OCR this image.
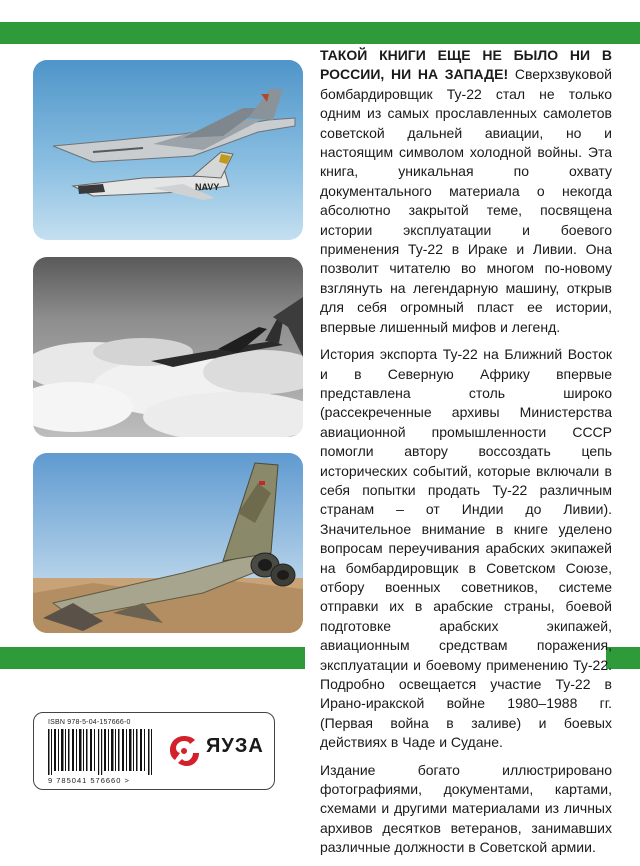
NAVY

ТАКОЙ КНИГИ ЕЩЕ НЕ БЫЛО НИ В РОССИИ, НИ НА ЗАПАДЕ! Сверхзвуковой бомбардировщик Ту-22 стал не только одним из самых прославленных самолетов советской дальней авиации, но и настоящим символом холодной войны. Эта книга, уникальная по охвату документального материала о некогда абсолютно закрытой теме, посвящена истории эксплуатации и боевого применения Ту-22 в Ираке и Ливии. Она позволит читателю во многом по-новому взглянуть на легендарную машину, открыв для себя огромный пласт ее истории, впервые лишенный мифов и легенд.

История экспорта Ту-22 на Ближний Восток и в Северную Африку впервые представлена столь широко (рассекреченные архивы Министерства авиационной промышленности СССР помогли автору воссоздать цепь исторических событий, которые включали в себя попытки продать Ту-22 различным странам – от Индии до Ливии). Значительное внимание в книге уделено вопросам переучивания арабских экипажей на бомбардировщик в Советском Союзе, отбору военных советников, системе отправки их в арабские страны, боевой подготовке арабских экипажей, авиационным средствам поражения, эксплуатации и боевому применению Ту-22. Подробно освещается участие Ту-22 в Ирано-иракской войне 1980–1988 гг. (Первая война в заливе) и боевых действиях в Чаде и Судане.

Издание богато иллюстрировано фотографиями, документами, картами, схемами и другими материалами из личных архивов десятков ветеранов, занимавших различные должности в Советской армии.

ISBN 978-5-04-157666-0
9 785041 576660 >
ЯУЗА
